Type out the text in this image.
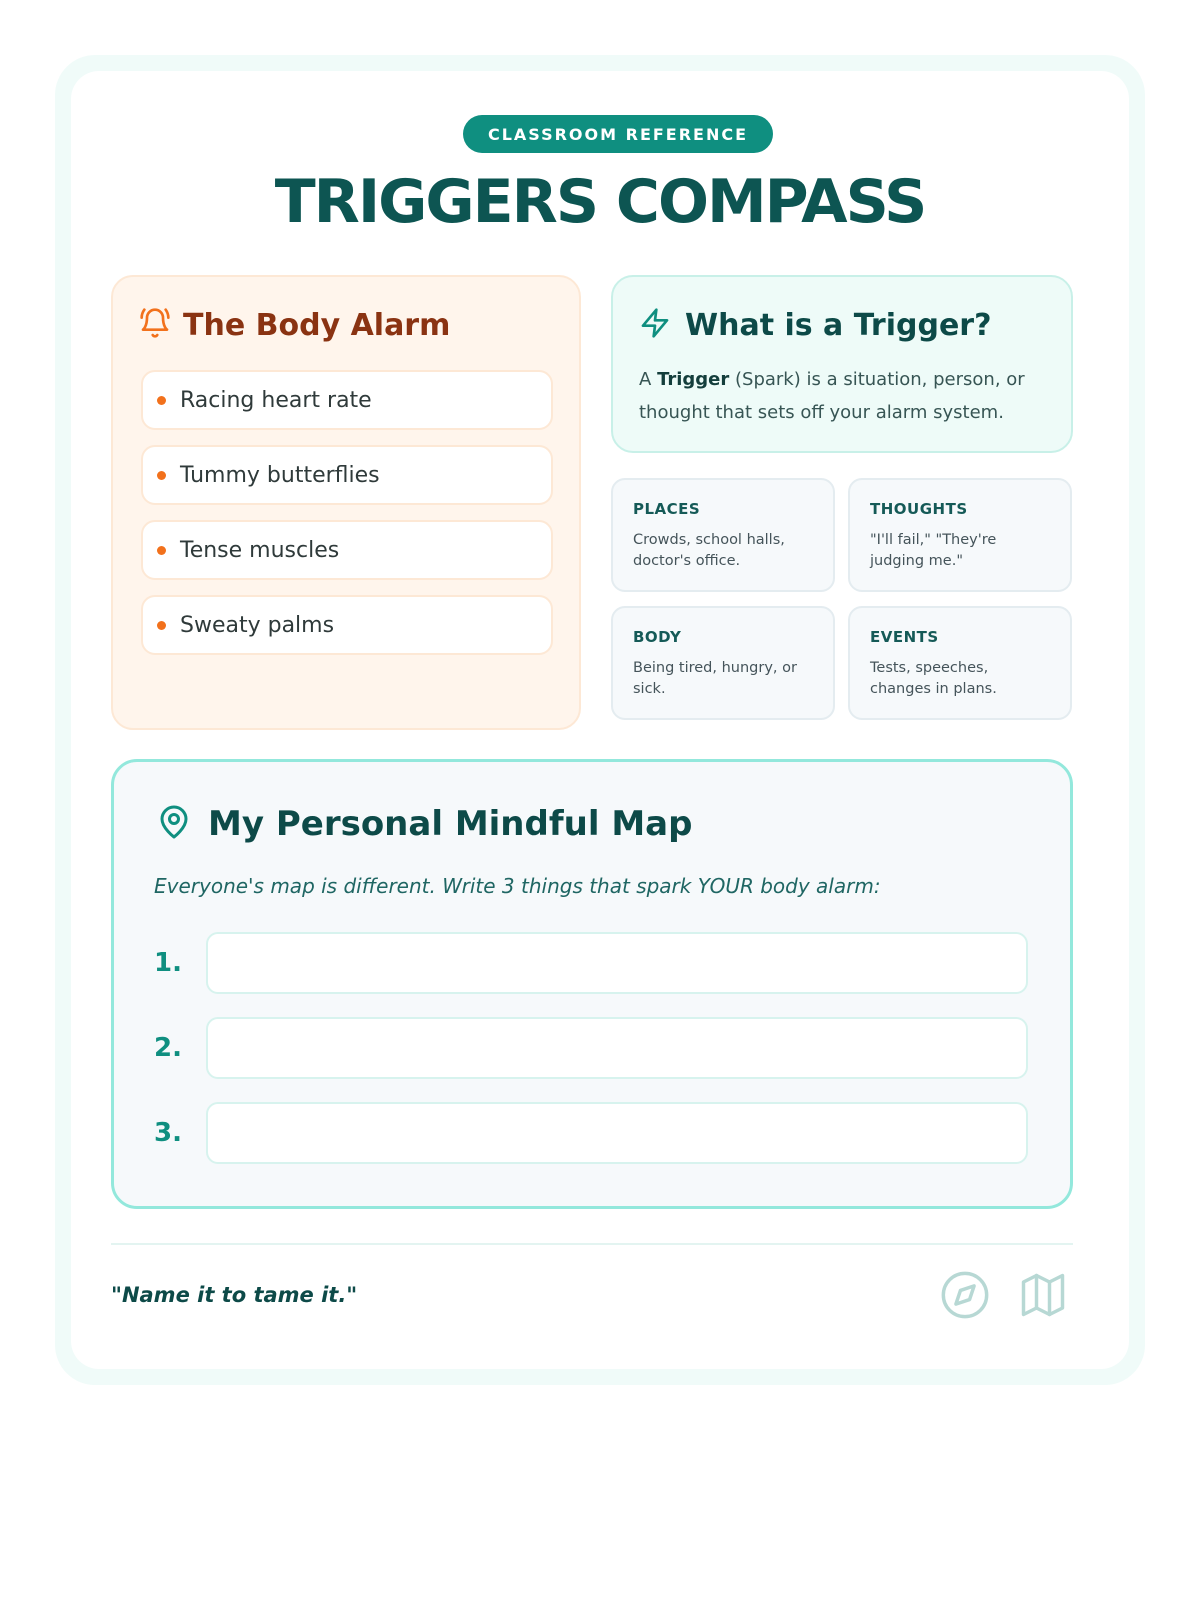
CLASSROOM REFERENCE
TRIGGERS COMPASS
The Body Alarm
Racing heart rate
Tummy butterflies
Tense muscles
Sweaty palms
What is a Trigger?
A Trigger (Spark) is a situation, person, or thought that sets off your alarm system.
PLACES
Crowds, school halls, doctor's office.
THOUGHTS
"I'll fail," "They're judging me."
BODY
Being tired, hungry, or sick.
EVENTS
Tests, speeches, changes in plans.
My Personal Mindful Map
Everyone's map is different. Write 3 things that spark YOUR body alarm:
1.
2.
3.
"Name it to tame it."
